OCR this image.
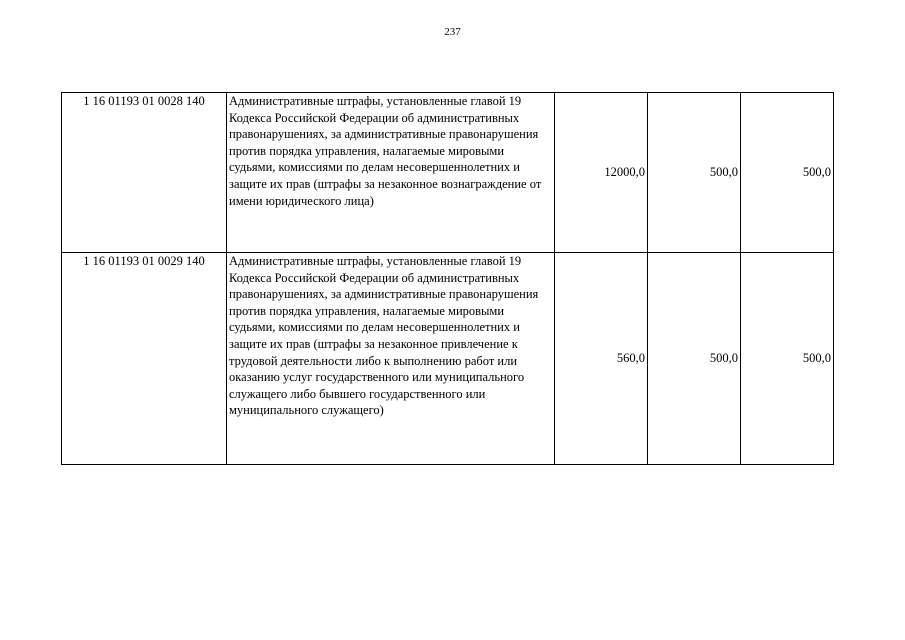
237
1 16 01193 01 0028 140	Административные штрафы, установленные главой 19 Кодекса Российской Федерации об административных правонарушениях, за административные правонарушения против порядка управления, налагаемые мировыми судьями, комиссиями по делам несовершеннолетних и защите их прав (штрафы за незаконное вознаграждение от имени юридического лица)	12000,0	500,0	500,0
1 16 01193 01 0029 140	Административные штрафы, установленные главой 19 Кодекса Российской Федерации об административных правонарушениях, за административные правонарушения против порядка управления, налагаемые мировыми судьями, комиссиями по делам несовершеннолетних и защите их прав (штрафы за незаконное привлечение к трудовой деятельности либо к выполнению работ или оказанию услуг государственного или муниципального служащего либо бывшего государственного или муниципального служащего)	560,0	500,0	500,0
